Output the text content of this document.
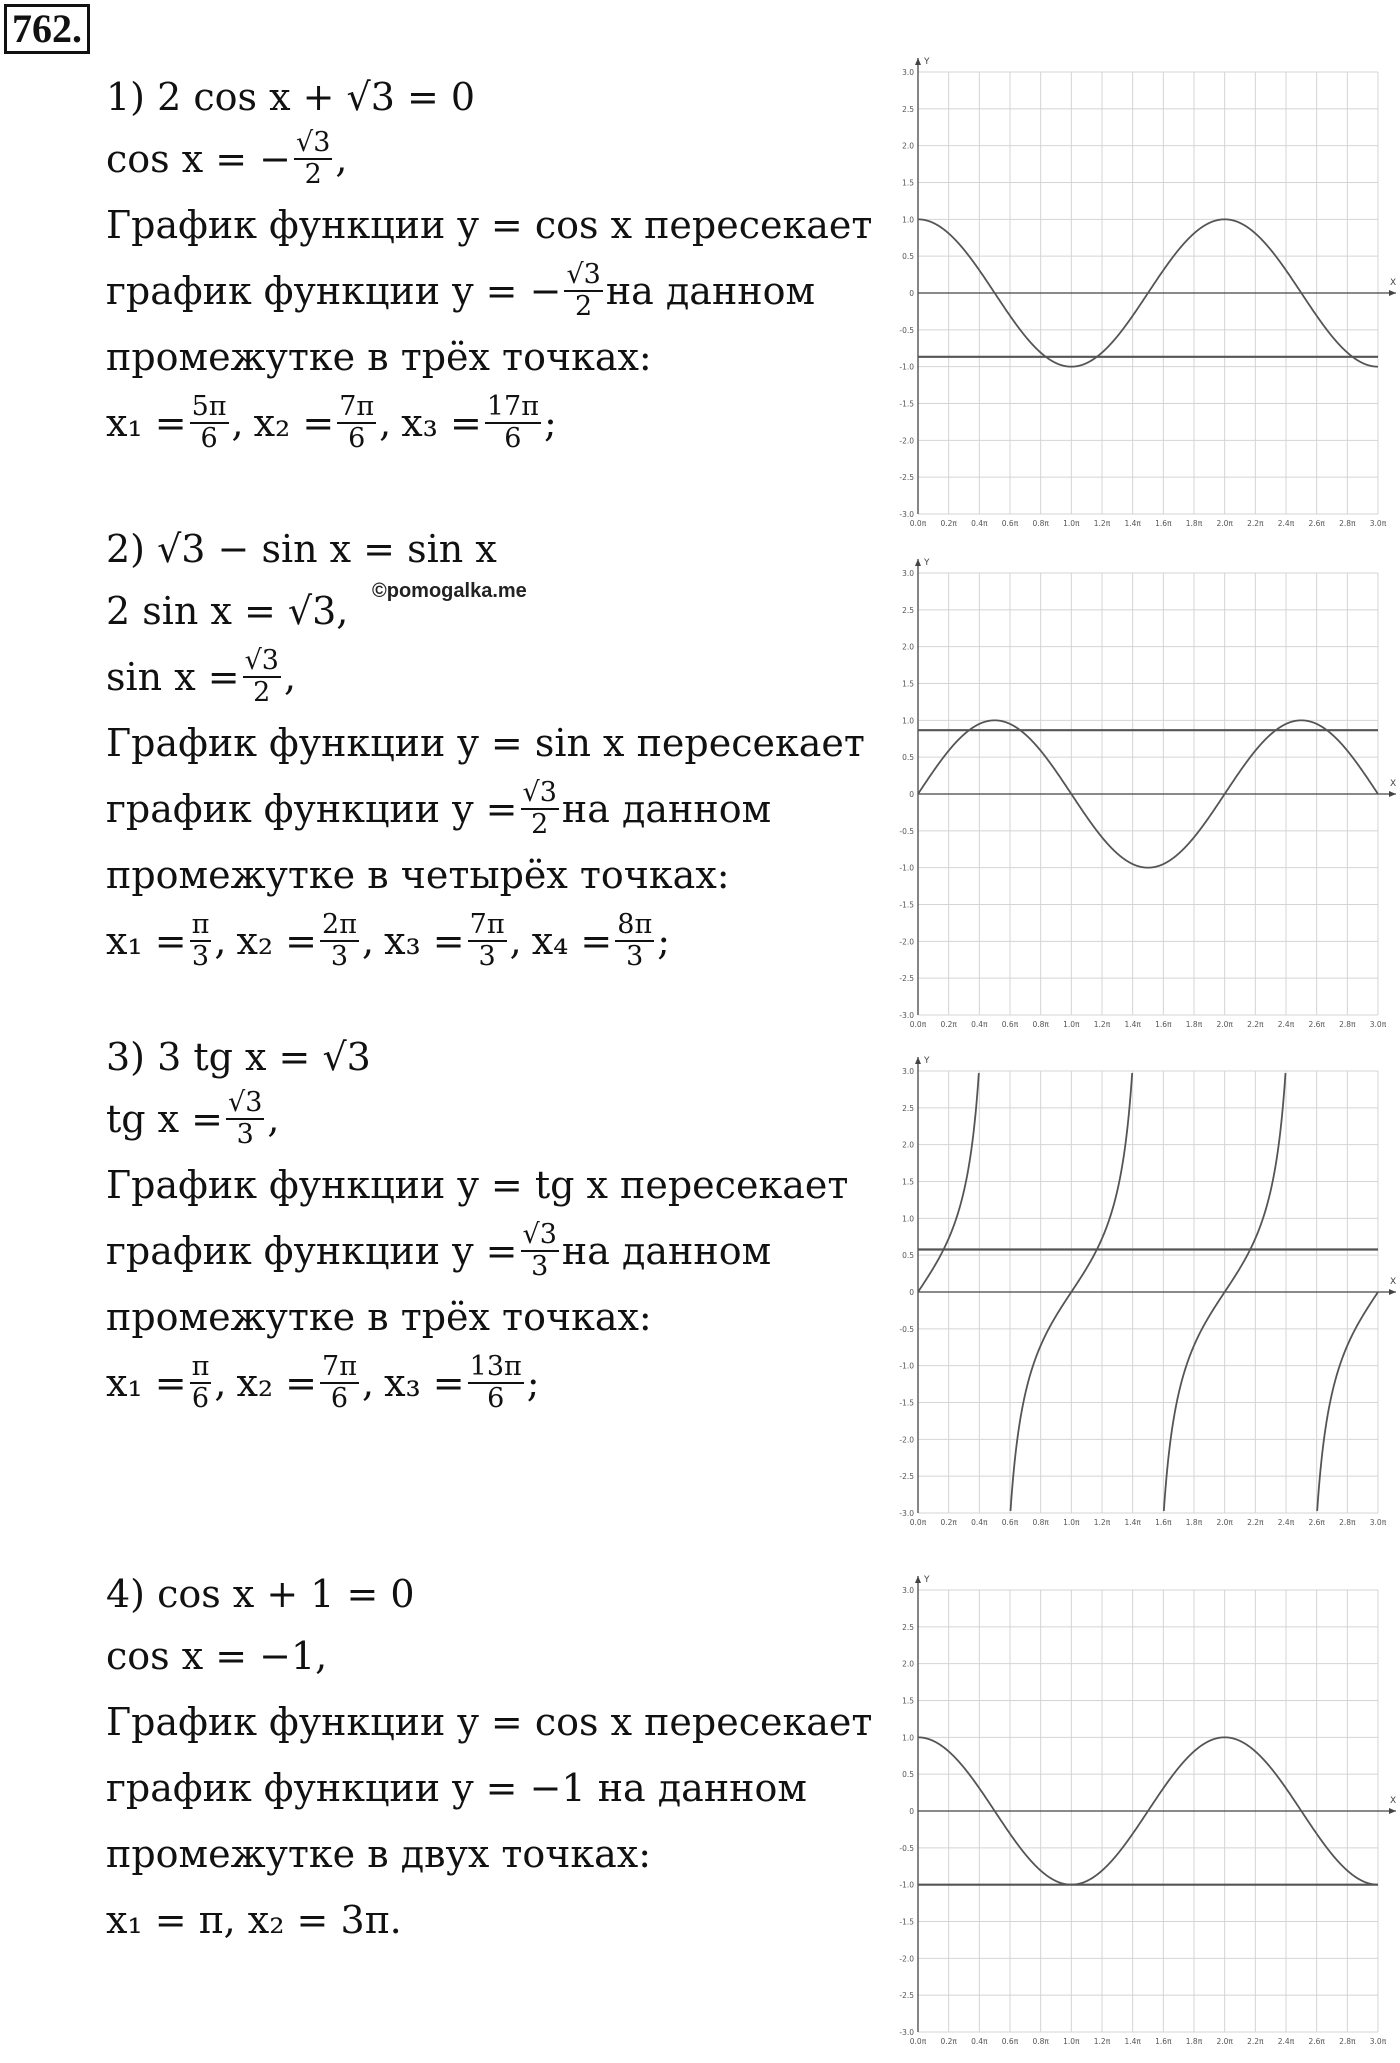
762.
©pomogalka.me
1) 2 cos x + √3 = 0
cos x = − $\frac{√3}{2}$ ,
График функции y = cos x пересекает
график функции y = − $\frac{√3}{2}$ на данном
промежутке в трёх точках:
$x_1 = \frac{5\pi}{6}$ , $x_2 = \frac{7\pi}{6}$ , $x_3 = \frac{17\pi}{6}$ ;
2) √3 − sin x = sin x
2 sin x = √3,
$\sin x = \frac{√3}{2}$ ,
График функции y = sin x пересекает
график функции $y = \frac{√3}{2}$ на данном
промежутке в четырёх точках:
$x_1 = \frac{\pi}{3}$ , $x_2 = \frac{2\pi}{3}$ , $x_3 = \frac{7\pi}{3}$ , $x_4 = \frac{8\pi}{3}$ ;
3) 3 tg x = √3
tg $x = \frac{√3}{3}$ ,
График функции y = tg x пересекает
график функции $y = \frac{√3}{3}$ на данном
промежутке в трёх точках:
$x_1 = \frac{\pi}{6}$ , $x_2 = \frac{7\pi}{6}$ , $x_3 = \frac{13\pi}{6}$ ;
4) cos x + 1 = 0
cos x = −1,
График функции y = cos x пересекает
график функции y = −1 на данном
промежутке в двух точках:
x₁ = π, x₂ = 3π.
X
Y
3.0
2.5
2.0
1.5
1.0
0.5
0
-0.5
-1.0
-1.5
-2.0
-2.5
-3.0
0.0π 0.2π 0.4π 0.6π 0.8π 1.0π 1.2π 1.4π 1.6π 1.8π 2.0π 2.2π 2.4π 2.6π 2.8π 3.0π
X
Y
3.0
2.5
2.0
1.5
1.0
0.5
0
-0.5
-1.0
-1.5
-2.0
-2.5
-3.0
0.0π 0.2π 0.4π 0.6π 0.8π 1.0π 1.2π 1.4π 1.6π 1.8π 2.0π 2.2π 2.4π 2.6π 2.8π 3.0π
X
Y
3.0
2.5
2.0
1.5
1.0
0.5
0
-0.5
-1.0
-1.5
-2.0
-2.5
-3.0
0.0π 0.2π 0.4π 0.6π 0.8π 1.0π 1.2π 1.4π 1.6π 1.8π 2.0π 2.2π 2.4π 2.6π 2.8π 3.0π
X
Y
3.0
2.5
2.0
1.5
1.0
0.5
0
-0.5
-1.0
-1.5
-2.0
-2.5
-3.0
0.0π 0.2π 0.4π 0.6π 0.8π 1.0π 1.2π 1.4π 1.6π 1.8π 2.0π 2.2π 2.4π 2.6π 2.8π 3.0π
